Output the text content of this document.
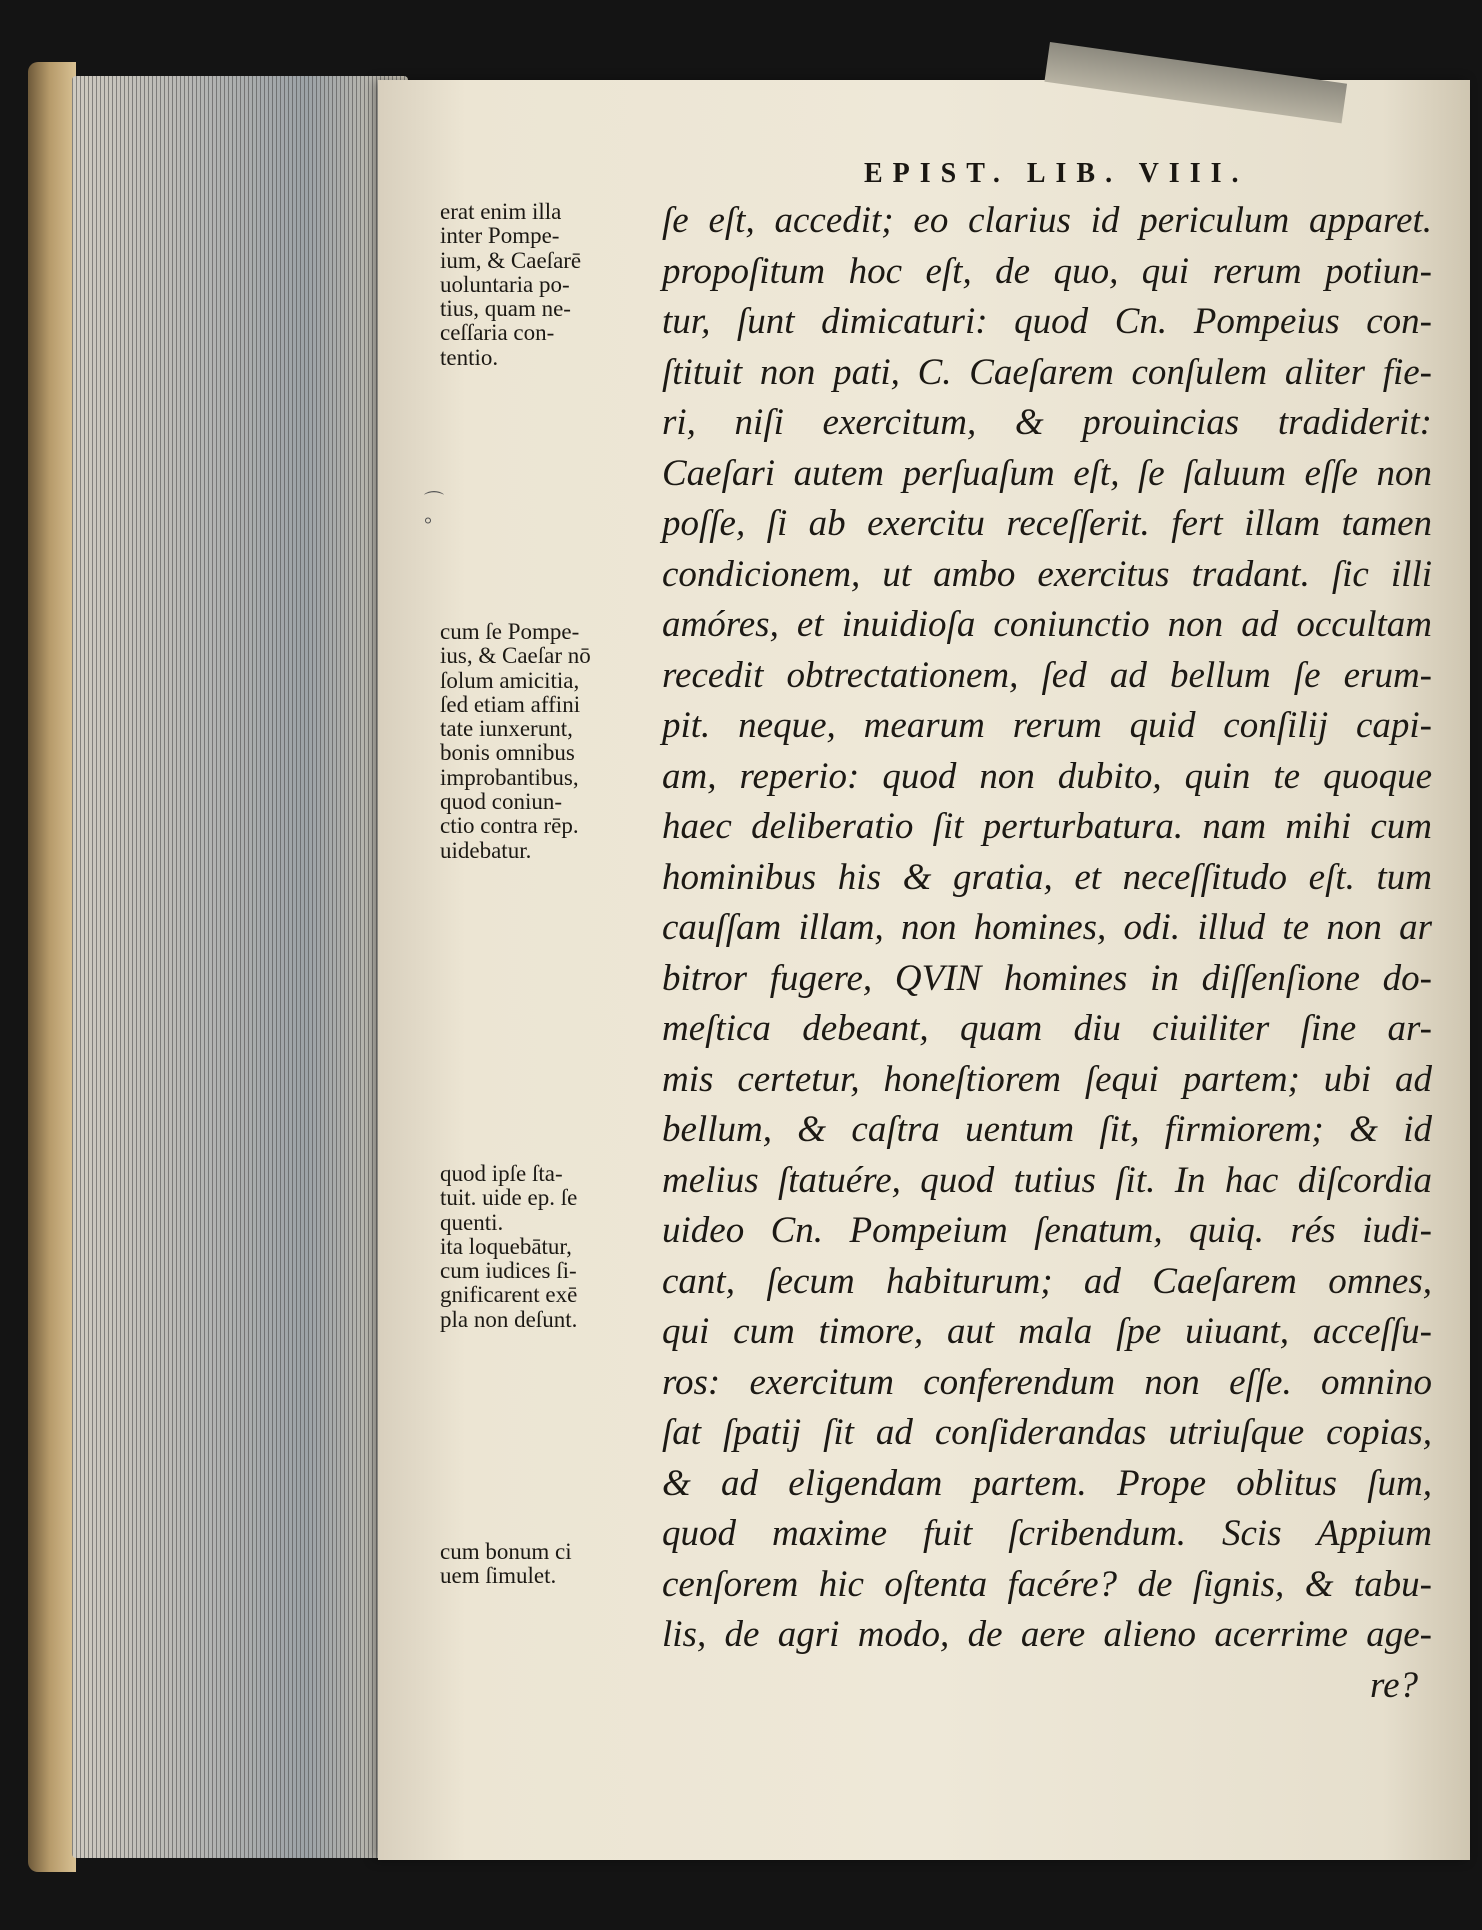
EPIST. LIB. VIII.
ſe eſt, accedit; eo clarius id periculum apparet.
propoſitum hoc eſt, de quo, qui rerum potiun-
tur, ſunt dimicaturi: quod Cn. Pompeius con-
ſtituit non pati, C. Caeſarem conſulem aliter fie-
ri, niſi exercitum, & prouincias tradiderit:
Caeſari autem perſuaſum eſt, ſe ſaluum eſſe non
poſſe, ſi ab exercitu receſſerit. fert illam tamen
condicionem, ut ambo exercitus tradant. ſic illi
amóres, et inuidioſa coniunctio non ad occultam
recedit obtrectationem, ſed ad bellum ſe erum-
pit. neque, mearum rerum quid conſilij capi-
am, reperio: quod non dubito, quin te quoque
haec deliberatio ſit perturbatura. nam mihi cum
hominibus his & gratia, et neceſſitudo eſt. tum
cauſſam illam, non homines, odi. illud te non ar
bitror fugere, QVIN homines in diſſenſione do-
meſtica debeant, quam diu ciuiliter ſine ar-
mis certetur, honeſtiorem ſequi partem; ubi ad
bellum, & caſtra uentum ſit, firmiorem; & id
melius ſtatuére, quod tutius ſit. In hac diſcordia
uideo Cn. Pompeium ſenatum, quiq. rés iudi-
cant, ſecum habiturum; ad Caeſarem omnes,
qui cum timore, aut mala ſpe uiuant, acceſſu-
ros: exercitum conferendum non eſſe. omnino
ſat ſpatij ſit ad conſiderandas utriuſque copias,
& ad eligendam partem. Prope oblitus ſum,
quod maxime fuit ſcribendum. Scis Appium
cenſorem hic oſtenta facére? de ſignis, & tabu-
lis, de agri modo, de aere alieno acerrime age-
re?
erat enim illa
inter Pompe-
ium, & Caeſarē
uoluntaria po-
tius, quam ne-
ceſſaria con-
tentio.
⌒ °
cum ſe Pompe-
ius, & Caeſar nō
ſolum amicitia,
ſed etiam affini
tate iunxerunt,
bonis omnibus
improbantibus,
quod coniun-
ctio contra rēp.
uidebatur.
quod ipſe ſta-
tuit. uide ep. ſe
quenti.
ita loquebātur,
cum iudices ſi-
gnificarent exē
pla non deſunt.
cum bonum ci
uem ſimulet.
